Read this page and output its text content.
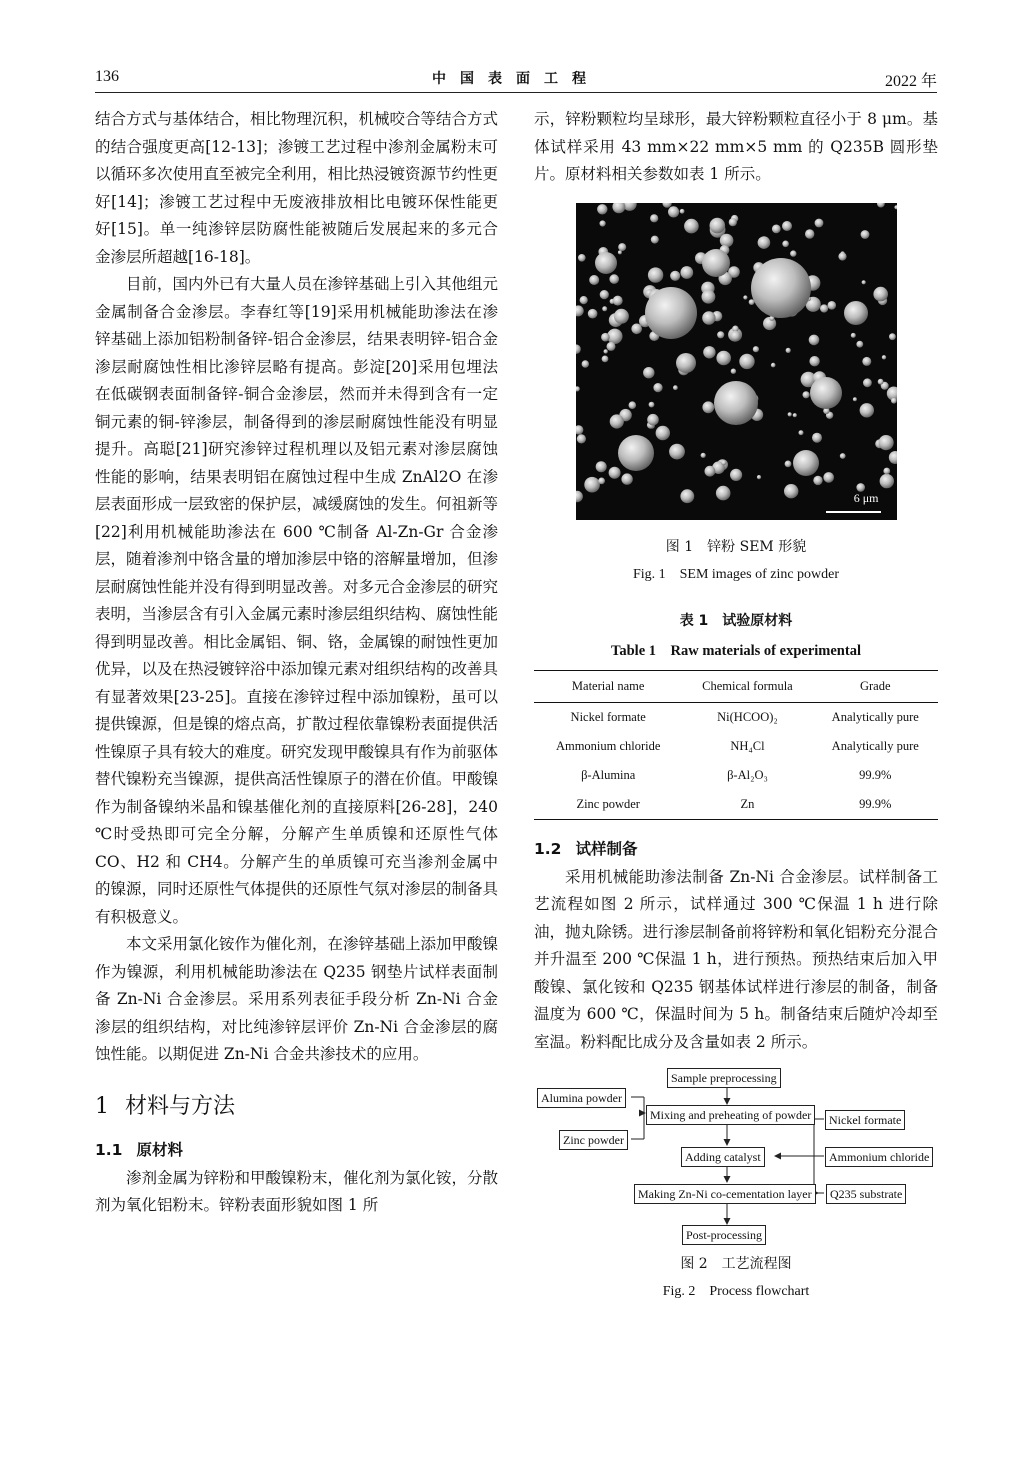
136	中国表面工程	2022 年

结合方式与基体结合，相比物理沉积，机械咬合等结合方式的结合强度更高[12-13]；渗镀工艺过程中渗剂金属粉末可以循环多次使用直至被完全利用，相比热浸镀资源节约性更好[14]；渗镀工艺过程中无废液排放相比电镀环保性能更好[15]。单一纯渗锌层防腐性能被随后发展起来的多元合金渗层所超越[16-18]。

目前，国内外已有大量人员在渗锌基础上引入其他组元金属制备合金渗层。李春红等[19]采用机械能助渗法在渗锌基础上添加铝粉制备锌-铝合金渗层，结果表明锌-铝合金渗层耐腐蚀性相比渗锌层略有提高。彭淀[20]采用包埋法在低碳钢表面制备锌-铜合金渗层，然而并未得到含有一定铜元素的铜-锌渗层，制备得到的渗层耐腐蚀性能没有明显提升。高聪[21]研究渗锌过程机理以及铝元素对渗层腐蚀性能的影响，结果表明铝在腐蚀过程中生成 ZnAl2O 在渗层表面形成一层致密的保护层，减缓腐蚀的发生。何祖新等[22]利用机械能助渗法在 600 ℃制备 Al-Zn-Gr 合金渗层，随着渗剂中铬含量的增加渗层中铬的溶解量增加，但渗层耐腐蚀性能并没有得到明显改善。对多元合金渗层的研究表明，当渗层含有引入金属元素时渗层组织结构、腐蚀性能得到明显改善。相比金属铝、铜、铬，金属镍的耐蚀性更加优异，以及在热浸镀锌浴中添加镍元素对组织结构的改善具有显著效果[23-25]。直接在渗锌过程中添加镍粉，虽可以提供镍源，但是镍的熔点高，扩散过程依靠镍粉表面提供活性镍原子具有较大的难度。研究发现甲酸镍具有作为前驱体替代镍粉充当镍源，提供高活性镍原子的潜在价值。甲酸镍作为制备镍纳米晶和镍基催化剂的直接原料[26-28]，240 ℃时受热即可完全分解，分解产生单质镍和还原性气体 CO、H2 和 CH4。分解产生的单质镍可充当渗剂金属中的镍源，同时还原性气体提供的还原性气氛对渗层的制备具有积极意义。

本文采用氯化铵作为催化剂，在渗锌基础上添加甲酸镍作为镍源，利用机械能助渗法在 Q235 钢垫片试样表面制备 Zn-Ni 合金渗层。采用系列表征手段分析 Zn-Ni 合金渗层的组织结构，对比纯渗锌层评价 Zn-Ni 合金渗层的腐蚀性能。以期促进 Zn-Ni 合金共渗技术的应用。

1 材料与方法
1.1 原材料

渗剂金属为锌粉和甲酸镍粉末，催化剂为氯化铵，分散剂为氧化铝粉末。锌粉表面形貌如图 1 所

示，锌粉颗粒均呈球形，最大锌粉颗粒直径小于 8 μm。基体试样采用 43 mm×22 mm×5 mm 的 Q235B 圆形垫片。原材料相关参数如表 1 所示。

6 μm
图 1　锌粉 SEM 形貌
Fig. 1　SEM images of zinc powder
表 1　试验原材料
Table 1　Raw materials of experimental
Material name	Chemical formula	Grade
Nickel formate	Ni(HCOO)₂	Analytically pure
Ammonium chloride	NH₄Cl	Analytically pure
β-Alumina	β-Al₂O₃	99.9%
Zinc powder	Zn	99.9%
1.2 试样制备

采用机械能助渗法制备 Zn-Ni 合金渗层。试样制备工艺流程如图 2 所示，试样通过 300 ℃保温 1 h 进行除油，抛丸除锈。进行渗层制备前将锌粉和氧化铝粉充分混合并升温至 200 ℃保温 1 h，进行预热。预热结束后加入甲酸镍、氯化铵和 Q235 钢基体试样进行渗层的制备，制备温度为 600 ℃，保温时间为 5 h。制备结束后随炉冷却至室温。粉料配比成分及含量如表 2 所示。

Sample preprocessing
Alumina powder
Mixing and preheating of powder	Nickel formate
Zinc powder
Adding catalyst	Ammonium chloride
Making Zn-Ni co-cementation layer	Q235 substrate
Post-processing
图 2　工艺流程图
Fig. 2　Process flowchart
